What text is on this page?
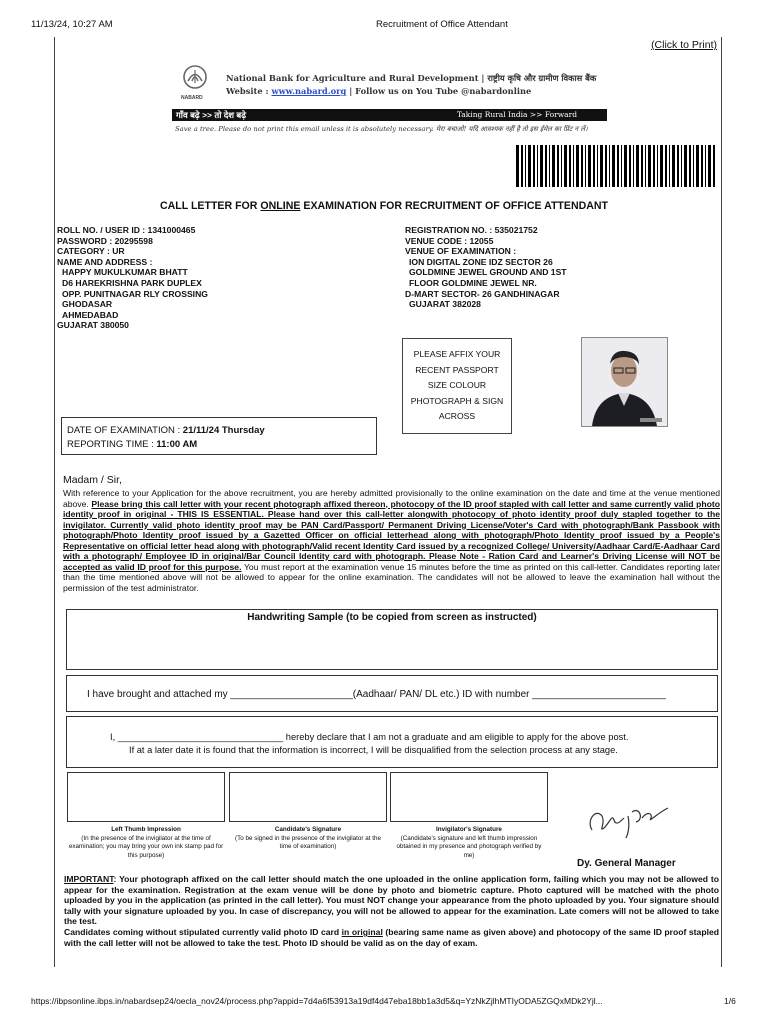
11/13/24, 10:27 AM	Recruitment of Office Attendant
(Click to Print)
NABARD
National Bank for Agriculture and Rural Development | राष्ट्रीय कृषि और ग्रामीण विकास बैंक
Website : www.nabard.org | Follow us on You Tube @nabardonline
गाँव बढ़े >> तो देश बढ़े	Taking Rural India >> Forward
Save a tree. Please do not print this email unless it is absolutely necessary. मेरा बचाओ! यदि आवश्यक नहीं है तो इस ईमेल का प्रिंट न लें।
CALL LETTER FOR ONLINE EXAMINATION FOR RECRUITMENT OF OFFICE ATTENDANT
ROLL NO. / USER ID : 1341000465
PASSWORD : 20295598
CATEGORY : UR
NAME AND ADDRESS :
HAPPY MUKULKUMAR BHATT
D6 HAREKRISHNA PARK DUPLEX
OPP. PUNITNAGAR RLY CROSSING
GHODASAR
AHMEDABAD
GUJARAT 380050
REGISTRATION NO. : 535021752
VENUE CODE : 12055
VENUE OF EXAMINATION :
ION DIGITAL ZONE IDZ SECTOR 26
GOLDMINE JEWEL GROUND AND 1ST
FLOOR GOLDMINE JEWEL NR.
D-MART SECTOR- 26 GANDHINAGAR
GUJARAT 382028
PLEASE AFFIX YOUR
RECENT PASSPORT
SIZE COLOUR
PHOTOGRAPH & SIGN
ACROSS
DATE OF EXAMINATION : 21/11/24 Thursday
REPORTING TIME : 11:00 AM
Madam / Sir,
With reference to your Application for the above recruitment, you are hereby admitted provisionally to the online examination on the date and time at the venue mentioned above. Please bring this call letter with your recent photograph affixed thereon, photocopy of the ID proof stapled with call letter and same currently valid photo identity proof in original - THIS IS ESSENTIAL. Please hand over this call-letter alongwith photocopy of photo identity proof duly stapled together to the invigilator. Currently valid photo identity proof may be PAN Card/Passport/ Permanent Driving License/Voter's Card with photograph/Bank Passbook with photograph/Photo Identity proof issued by a Gazetted Officer on official letterhead along with photograph/Photo Identity proof issued by a People's Representative on official letter head along with photograph/Valid recent Identity Card issued by a recognized College/ University/Aadhaar Card/E-Aadhaar Card with a photograph/ Employee ID in original/Bar Council Identity card with photograph. Please Note - Ration Card and Learner's Driving License will NOT be accepted as valid ID proof for this purpose. You must report at the examination venue 15 minutes before the time as printed on this call-letter. Candidates reporting later than the time mentioned above will not be allowed to appear for the online examination. The candidates will not be allowed to leave the examination hall without the permission of the test administrator.
Handwriting Sample (to be copied from screen as instructed)
I have brought and attached my ______________________(Aadhaar/ PAN/ DL etc.) ID with number ________________________
I, ________________________________ hereby declare that I am not a graduate and am eligible to apply for the above post.
If at a later date it is found that the information is incorrect, I will be disqualified from the selection process at any stage.
Left Thumb Impression
(In the presence of the invigilator at the time of examination; you may bring your own ink stamp pad for this purpose)
Candidate's Signature
(To be signed in the presence of the invigilator at the time of examination)
Invigilator's Signature
(Candidate's signature and left thumb impression obtained in my presence and photograph verified by me)
Dy. General Manager
IMPORTANT: Your photograph affixed on the call letter should match the one uploaded in the online application form, failing which you may not be allowed to appear for the examination. Registration at the exam venue will be done by photo and biometric capture. Photo captured will be matched with the photo uploaded by you in the application (as printed in the call letter). You must NOT change your appearance from the photo uploaded by you. Your signature should tally with your signature uploaded by you. In case of discrepancy, you will not be allowed to appear for the examination. Late comers will not be allowed to take the test.
Candidates coming without stipulated currently valid photo ID card in original (bearing same name as given above) and photocopy of the same ID proof stapled with the call letter will not be allowed to take the test. Photo ID should be valid as on the day of exam.
https://ibpsonline.ibps.in/nabardsep24/oecla_nov24/process.php?appid=7d4a6f53913a19df4d47eba18bb1a3d5&q=YzNkZjlhMTIyODA5ZGQxMDk2Yjl...	1/6
